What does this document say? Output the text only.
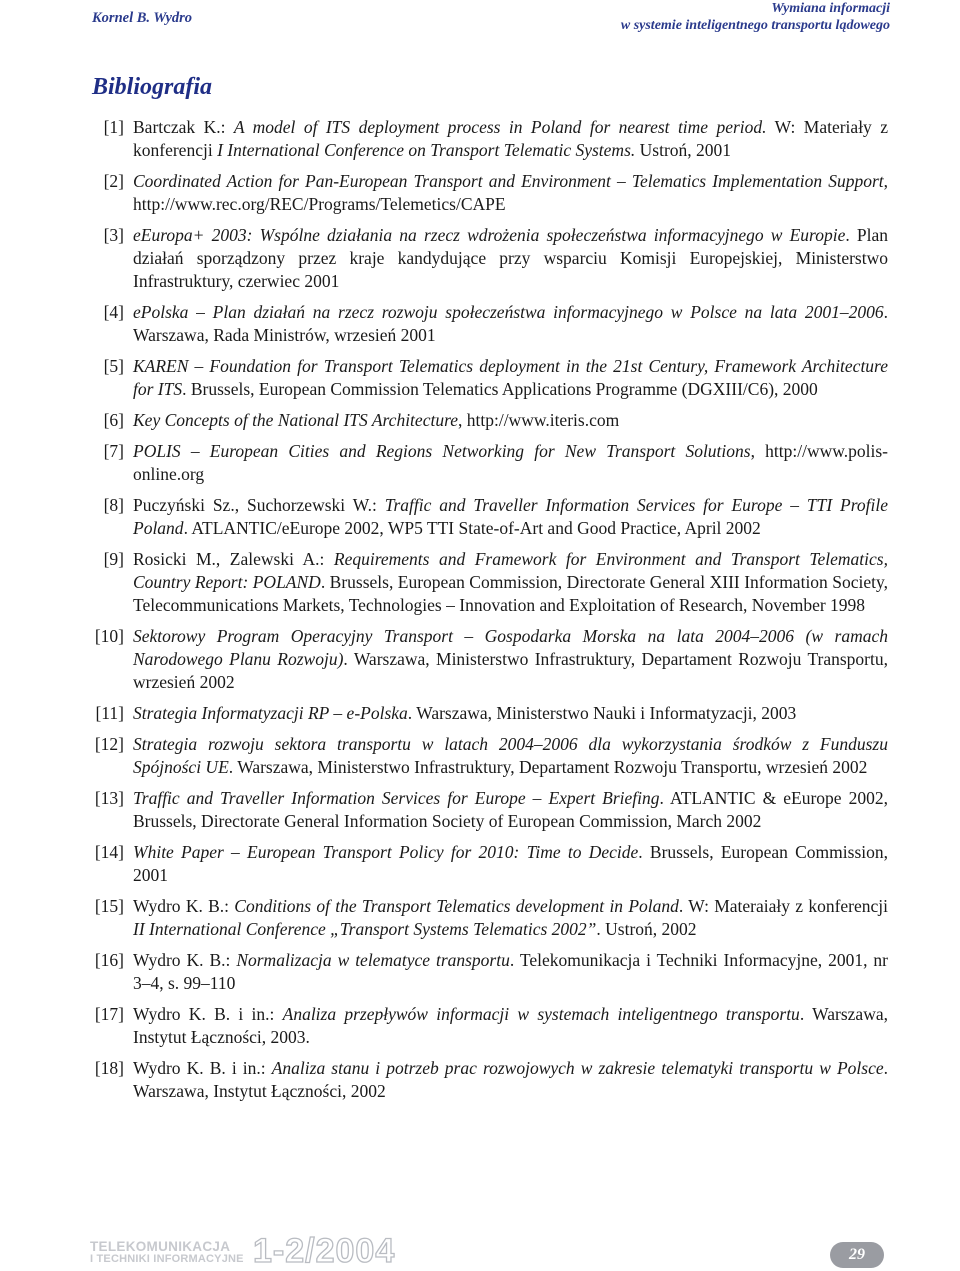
Kornel B. Wydro
Wymiana informacji
w systemie inteligentnego transportu lądowego
Bibliografia
[1] Bartczak K.: A model of ITS deployment process in Poland for nearest time period. W: Materiały z konferencji I International Conference on Transport Telematic Systems. Ustroń, 2001
[2] Coordinated Action for Pan-European Transport and Environment – Telematics Implementation Support, http://www.rec.org/REC/Programs/Telemetics/CAPE
[3] eEuropa+ 2003: Wspólne działania na rzecz wdrożenia społeczeństwa informacyjnego w Europie. Plan działań sporządzony przez kraje kandydujące przy wsparciu Komisji Europejskiej, Ministerstwo Infrastruktury, czerwiec 2001
[4] ePolska – Plan działań na rzecz rozwoju społeczeństwa informacyjnego w Polsce na lata 2001–2006. Warszawa, Rada Ministrów, wrzesień 2001
[5] KAREN – Foundation for Transport Telematics deployment in the 21st Century, Framework Architecture for ITS. Brussels, European Commission Telematics Applications Programme (DGXIII/C6), 2000
[6] Key Concepts of the National ITS Architecture, http://www.iteris.com
[7] POLIS – European Cities and Regions Networking for New Transport Solutions, http://www.polis-online.org
[8] Puczyński Sz., Suchorzewski W.: Traffic and Traveller Information Services for Europe – TTI Profile Poland. ATLANTIC/eEurope 2002, WP5 TTI State-of-Art and Good Practice, April 2002
[9] Rosicki M., Zalewski A.: Requirements and Framework for Environment and Transport Telematics, Country Report: POLAND. Brussels, European Commission, Directorate General XIII Information Society, Telecommunications Markets, Technologies – Innovation and Exploitation of Research, November 1998
[10] Sektorowy Program Operacyjny Transport – Gospodarka Morska na lata 2004–2006 (w ramach Narodowego Planu Rozwoju). Warszawa, Ministerstwo Infrastruktury, Departament Rozwoju Transportu, wrzesień 2002
[11] Strategia Informatyzacji RP – e-Polska. Warszawa, Ministerstwo Nauki i Informatyzacji, 2003
[12] Strategia rozwoju sektora transportu w latach 2004–2006 dla wykorzystania środków z Funduszu Spójności UE. Warszawa, Ministerstwo Infrastruktury, Departament Rozwoju Transportu, wrzesień 2002
[13] Traffic and Traveller Information Services for Europe – Expert Briefing. ATLANTIC & eEurope 2002, Brussels, Directorate General Information Society of European Commission, March 2002
[14] White Paper – European Transport Policy for 2010: Time to Decide. Brussels, European Commission, 2001
[15] Wydro K. B.: Conditions of the Transport Telematics development in Poland. W: Materaiały z konferencji II International Conference „Transport Systems Telematics 2002”. Ustroń, 2002
[16] Wydro K. B.: Normalizacja w telematyce transportu. Telekomunikacja i Techniki Informacyjne, 2001, nr 3–4, s. 99–110
[17] Wydro K. B. i in.: Analiza przepływów informacji w systemach inteligentnego transportu. Warszawa, Instytut Łączności, 2003.
[18] Wydro K. B. i in.: Analiza stanu i potrzeb prac rozwojowych w zakresie telematyki transportu w Polsce. Warszawa, Instytut Łączności, 2002
TELEKOMUNIKACJA
I TECHNIKI INFORMACYJNE 1-2/2004	29
